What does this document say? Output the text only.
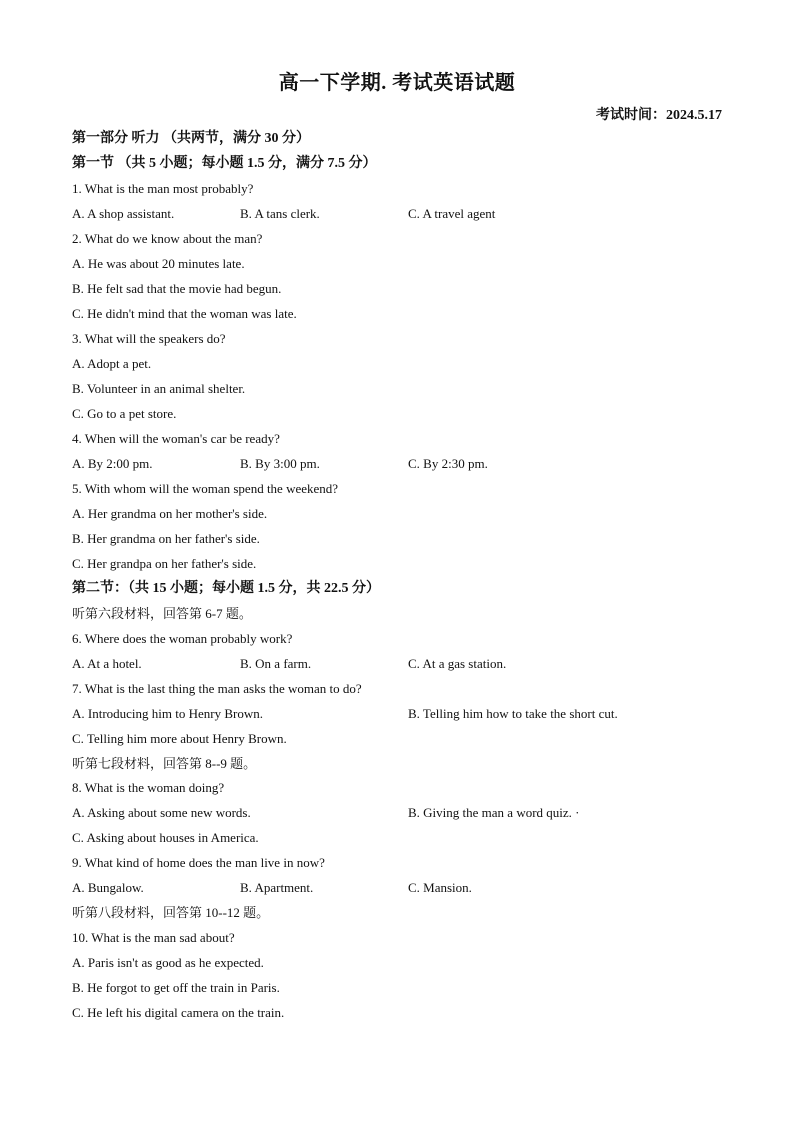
高一下学期. 考试英语试题
考试时间：2024.5.17
第一部分 听力 （共两节，满分 30 分）
第一节 （共 5 小题；每小题 1.5 分，满分 7.5 分）
1. What is the man most probably?
A. A shop assistant.	B. A tans clerk.	C. A travel agent
2. What do we know about the man?
A. He was about 20 minutes late.
B. He felt sad that the movie had begun.
C. He didn't mind that the woman was late.
3. What will the speakers do?
A. Adopt a pet.
B. Volunteer in an animal shelter.
C. Go to a pet store.
4. When will the woman's car be ready?
A. By 2:00 pm.	B. By 3:00 pm.	C. By 2:30 pm.
5. With whom will the woman spend the weekend?
A. Her grandma on her mother's side.
B. Her grandma on her father's side.
C. Her grandpa on her father's side.
第二节：（共 15 小题；每小题 1.5 分，共 22.5 分）
听第六段材料，回答第 6-7 题。
6. Where does the woman probably work?
A. At a hotel.	B. On a farm.	C. At a gas station.
7. What is the last thing the man asks the woman to do?
A. Introducing him to Henry Brown.	B. Telling him how to take the short cut.
C. Telling him more about Henry Brown.
听第七段材料，回答第 8--9 题。
8. What is the woman doing?
A. Asking about some new words.	B. Giving the man a word quiz. ·
C. Asking about houses in America.
9. What kind of home does the man live in now?
A. Bungalow.	B. Apartment.	C. Mansion.
听第八段材料，回答第 10--12 题。
10. What is the man sad about?
A. Paris isn't as good as he expected.
B. He forgot to get off the train in Paris.
C. He left his digital camera on the train.
